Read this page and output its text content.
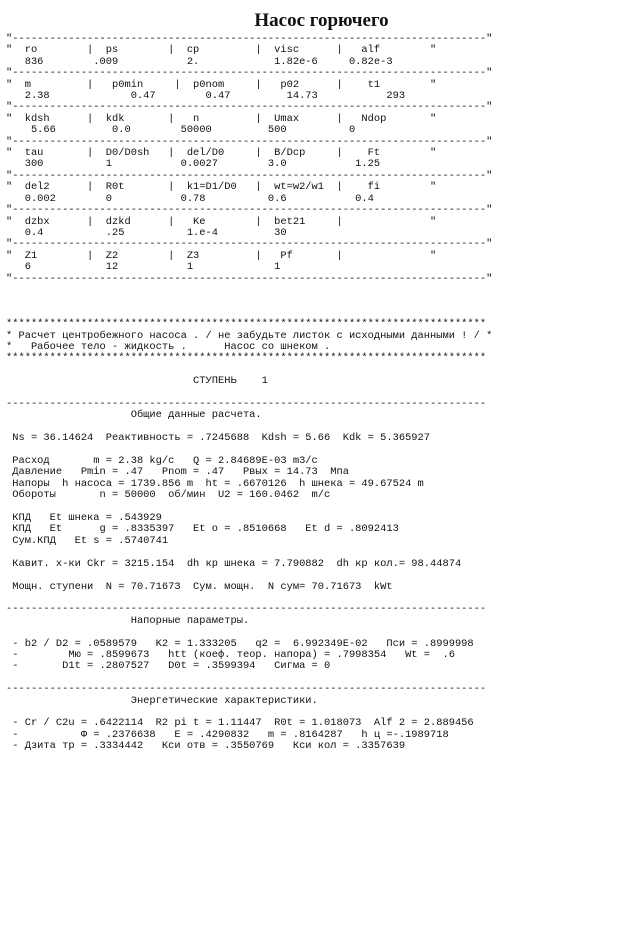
Насос горючего
"----------------------------------------------------------------------------"
"  ro        |  ps        |  cp         |  visc      |   alf        "
836        .009           2.            1.82e-6     0.82e-3
"----------------------------------------------------------------------------"
"  m         |   p0min     |  p0nom     |   p02      |    t1        "
2.38             0.47        0.47         14.73           293
"----------------------------------------------------------------------------"
"  kdsh      |  kdk       |   n         |  Umax      |   Ndop       "
5.66         0.0        50000         500          0
"----------------------------------------------------------------------------"
"  tau       |  D0/D0sh   |  del/D0     |  B/Dcp     |    Ft        "
300          1           0.0027        3.0           1.25
"----------------------------------------------------------------------------"
"  del2      |  R0t       |  k1=D1/D0   |  wt=w2/w1  |    fi        "
0.002        0           0.78          0.6           0.4
"----------------------------------------------------------------------------"
"  dzbx      |  dzkd      |   Ke        |  bet21     |              "
0.4          .25          1.e-4         30
"----------------------------------------------------------------------------"
"  Z1        |  Z2        |  Z3         |   Pf       |              "
6            12           1             1
"----------------------------------------------------------------------------"

*****************************************************************************
* Расчет центробежного насоса . / не забудьте листок с исходными данными ! / *
*   Рабочее тело - жидкость .      Насос со шнеком .
*****************************************************************************

СТУПЕНЬ    1

-----------------------------------------------------------------------------
Общие данные расчета.

Ns = 36.14624  Реактивность = .7245688  Kdsh = 5.66  Kdk = 5.365927

Расход       m = 2.38 kg/c   Q = 2.84689E-03 m3/c
Давление   Pmin = .47   Pnom = .47   Pвых = 14.73  Мпа
Напоры  h насоса = 1739.856 m  ht = .6670126  h шнека = 49.67524 m
Обороты       n = 50000  об/мин  U2 = 160.0462  m/c

КПД   Et шнека = .543929
КПД   Et      g = .8335397   Et o = .8510668   Et d = .8092413
Сум.КПД   Et s = .5740741

Кавит. х-ки Ckr = 3215.154  dh кр шнека = 7.790882  dh кр кол.= 98.44874

Мощн. ступени  N = 70.71673  Сум. мощн.  N сум= 70.71673  kWt

-----------------------------------------------------------------------------
Напорные параметры.

- b2 / D2 = .0589579   K2 = 1.333205   q2 =  6.992349E-02   Пси = .8999998
-        Мю = .8599673   htt (коеф. теор. напора) = .7998354   Wt =  .6
-       D1t = .2807527   D0t = .3599394   Сигма = 0

-----------------------------------------------------------------------------
Энергетические характеристики.

- Cr / C2u = .6422114  R2 pi t = 1.11447  R0t = 1.018073  Alf 2 = 2.889456
-          Ф = .2376638   E = .4290832   m = .8164287   h ц =-.1989718
- Дзита тр = .3334442   Кси отв = .3550769   Кси кол = .3357639
